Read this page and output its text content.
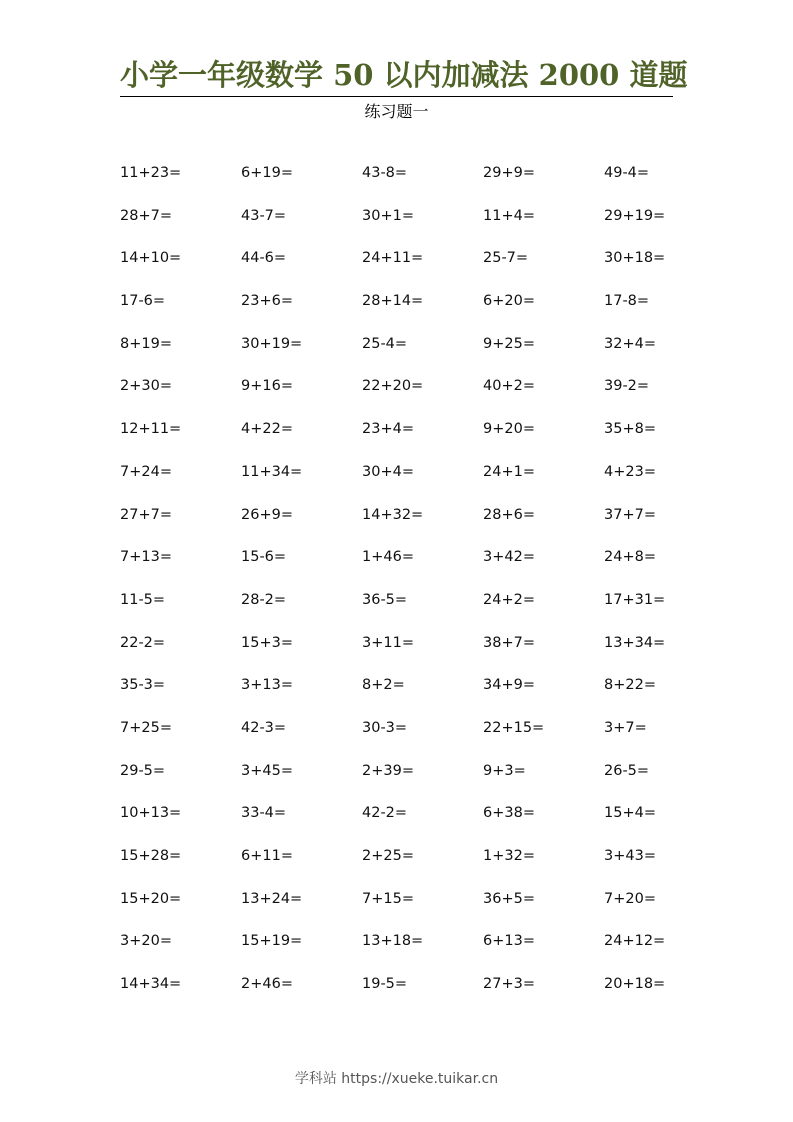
小学一年级数学 50 以内加减法 2000 道题
练习题一
11+23=	6+19=	43-8=	29+9=	49-4=
28+7=	43-7=	30+1=	11+4=	29+19=
14+10=	44-6=	24+11=	25-7=	30+18=
17-6=	23+6=	28+14=	6+20=	17-8=
8+19=	30+19=	25-4=	9+25=	32+4=
2+30=	9+16=	22+20=	40+2=	39-2=
12+11=	4+22=	23+4=	9+20=	35+8=
7+24=	11+34=	30+4=	24+1=	4+23=
27+7=	26+9=	14+32=	28+6=	37+7=
7+13=	15-6=	1+46=	3+42=	24+8=
11-5=	28-2=	36-5=	24+2=	17+31=
22-2=	15+3=	3+11=	38+7=	13+34=
35-3=	3+13=	8+2=	34+9=	8+22=
7+25=	42-3=	30-3=	22+15=	3+7=
29-5=	3+45=	2+39=	9+3=	26-5=
10+13=	33-4=	42-2=	6+38=	15+4=
15+28=	6+11=	2+25=	1+32=	3+43=
15+20=	13+24=	7+15=	36+5=	7+20=
3+20=	15+19=	13+18=	6+13=	24+12=
14+34=	2+46=	19-5=	27+3=	20+18=
学科站 https://xueke.tuikar.cn
